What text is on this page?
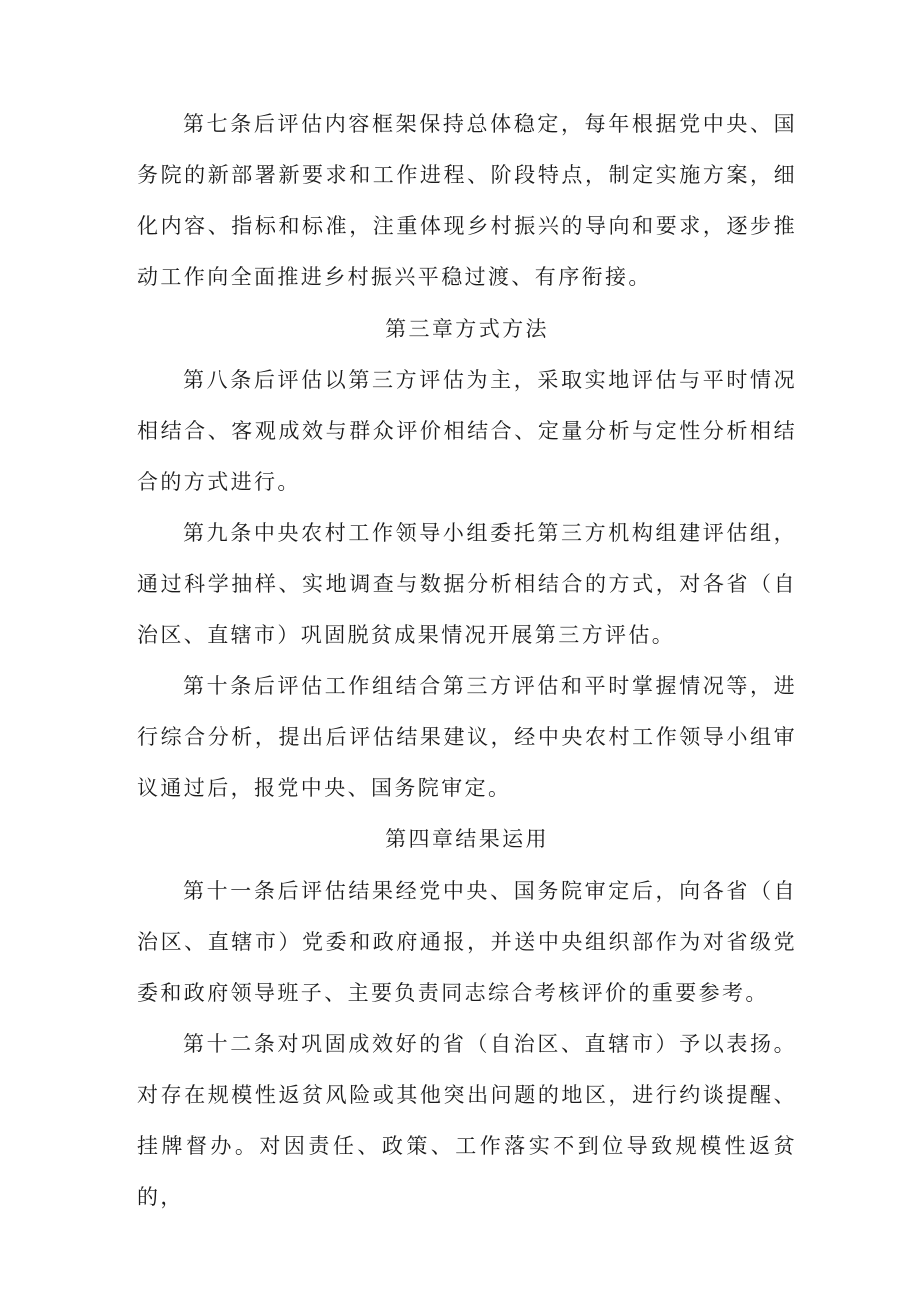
第七条后评估内容框架保持总体稳定，每年根据党中央、国务院的新部署新要求和工作进程、阶段特点，制定实施方案，细化内容、指标和标准，注重体现乡村振兴的导向和要求，逐步推动工作向全面推进乡村振兴平稳过渡、有序衔接。

第三章方式方法

第八条后评估以第三方评估为主，采取实地评估与平时情况相结合、客观成效与群众评价相结合、定量分析与定性分析相结合的方式进行。

第九条中央农村工作领导小组委托第三方机构组建评估组，通过科学抽样、实地调查与数据分析相结合的方式，对各省（自治区、直辖市）巩固脱贫成果情况开展第三方评估。

第十条后评估工作组结合第三方评估和平时掌握情况等，进行综合分析，提出后评估结果建议，经中央农村工作领导小组审议通过后，报党中央、国务院审定。

第四章结果运用

第十一条后评估结果经党中央、国务院审定后，向各省（自治区、直辖市）党委和政府通报，并送中央组织部作为对省级党委和政府领导班子、主要负责同志综合考核评价的重要参考。

第十二条对巩固成效好的省（自治区、直辖市）予以表扬。对存在规模性返贫风险或其他突出问题的地区，进行约谈提醒、挂牌督办。对因责任、政策、工作落实不到位导致规模性返贫的，
